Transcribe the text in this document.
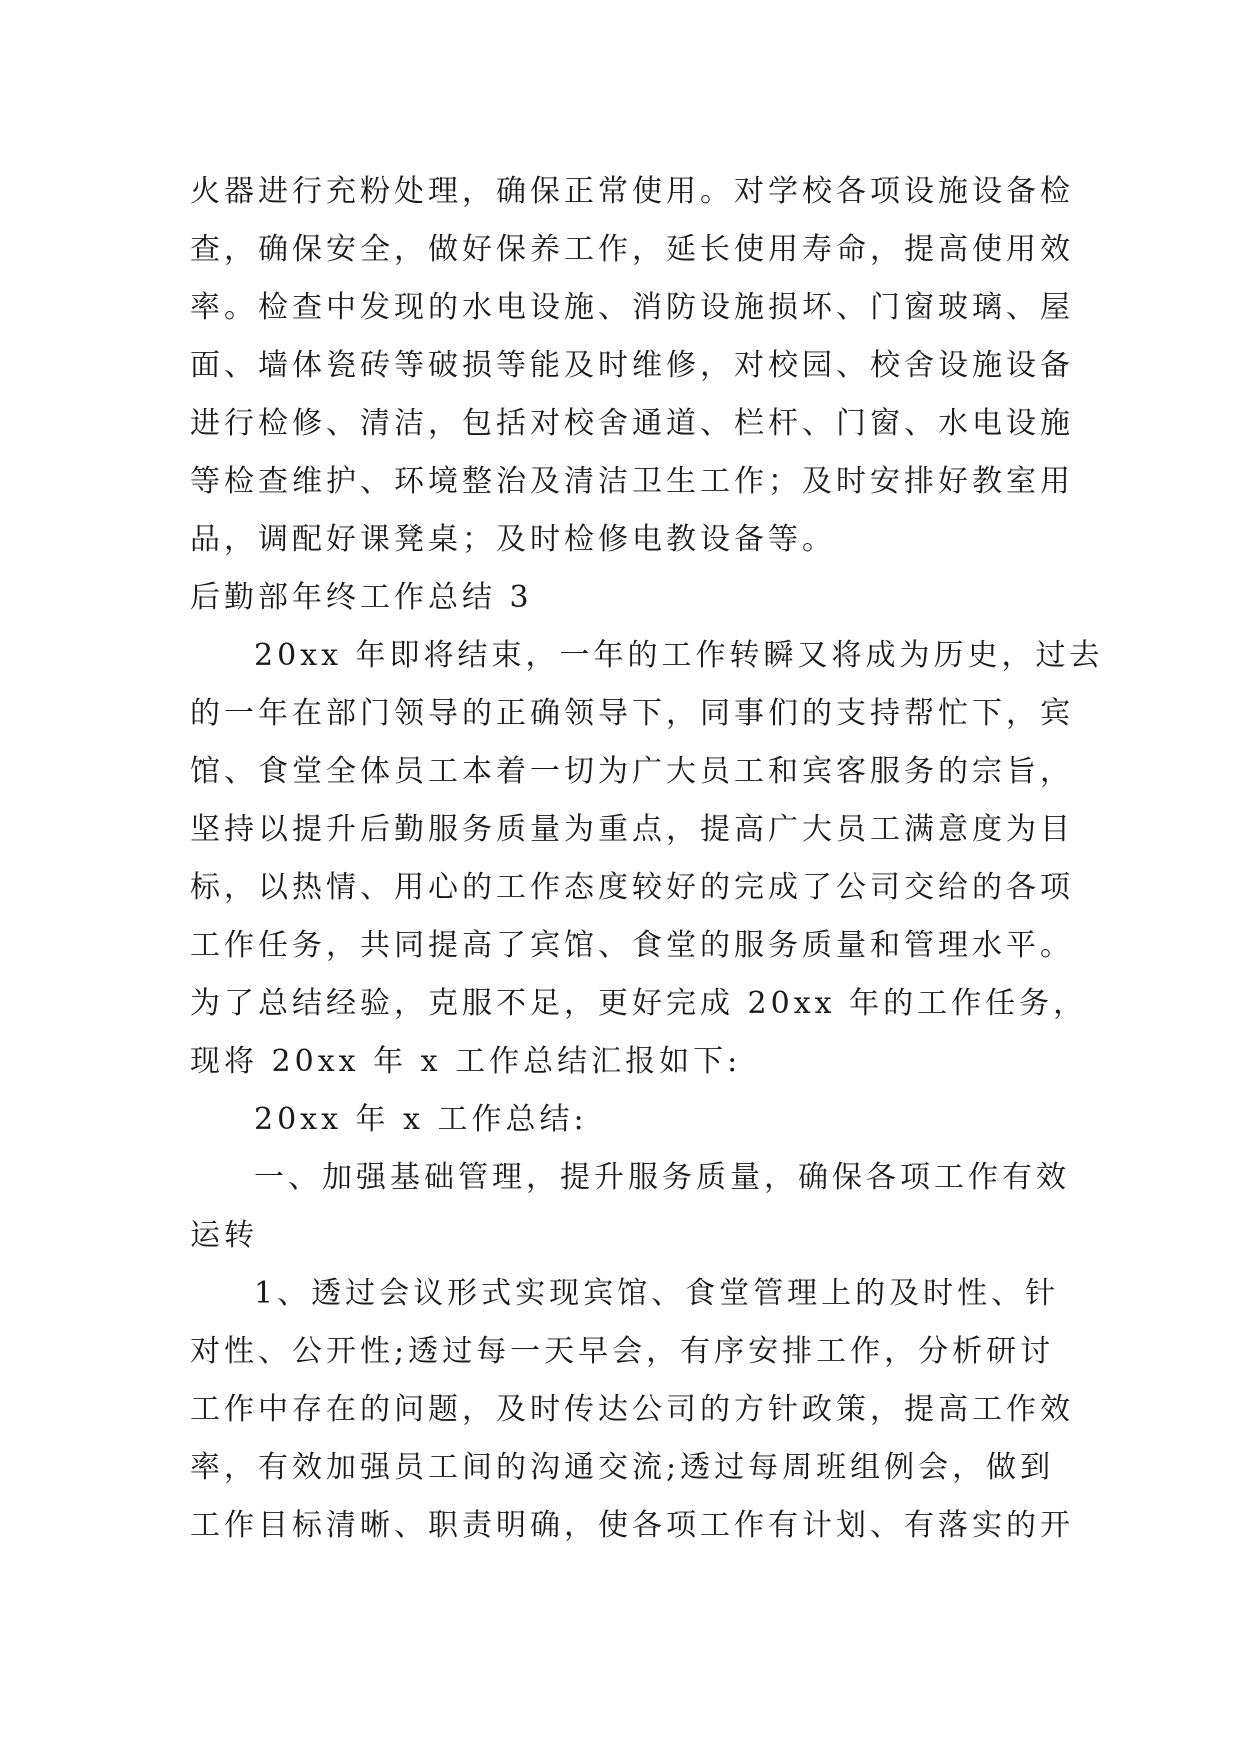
火器进行充粉处理，确保正常使用。对学校各项设施设备检
查，确保安全，做好保养工作，延长使用寿命，提高使用效
率。检查中发现的水电设施、消防设施损坏、门窗玻璃、屋
面、墙体瓷砖等破损等能及时维修，对校园、校舍设施设备
进行检修、清洁，包括对校舍通道、栏杆、门窗、水电设施
等检查维护、环境整治及清洁卫生工作；及时安排好教室用
品，调配好课凳桌；及时检修电教设备等。
后勤部年终工作总结 3
20xx 年即将结束，一年的工作转瞬又将成为历史，过去
的一年在部门领导的正确领导下，同事们的支持帮忙下，宾
馆、食堂全体员工本着一切为广大员工和宾客服务的宗旨，
坚持以提升后勤服务质量为重点，提高广大员工满意度为目
标，以热情、用心的工作态度较好的完成了公司交给的各项
工作任务，共同提高了宾馆、食堂的服务质量和管理水平。
为了总结经验，克服不足，更好完成 20xx 年的工作任务，
现将 20xx 年 x 工作总结汇报如下:
20xx 年 x 工作总结:
一、加强基础管理，提升服务质量，确保各项工作有效
运转
1、透过会议形式实现宾馆、食堂管理上的及时性、针
对性、公开性;透过每一天早会，有序安排工作，分析研讨
工作中存在的问题，及时传达公司的方针政策，提高工作效
率，有效加强员工间的沟通交流;透过每周班组例会，做到
工作目标清晰、职责明确，使各项工作有计划、有落实的开
